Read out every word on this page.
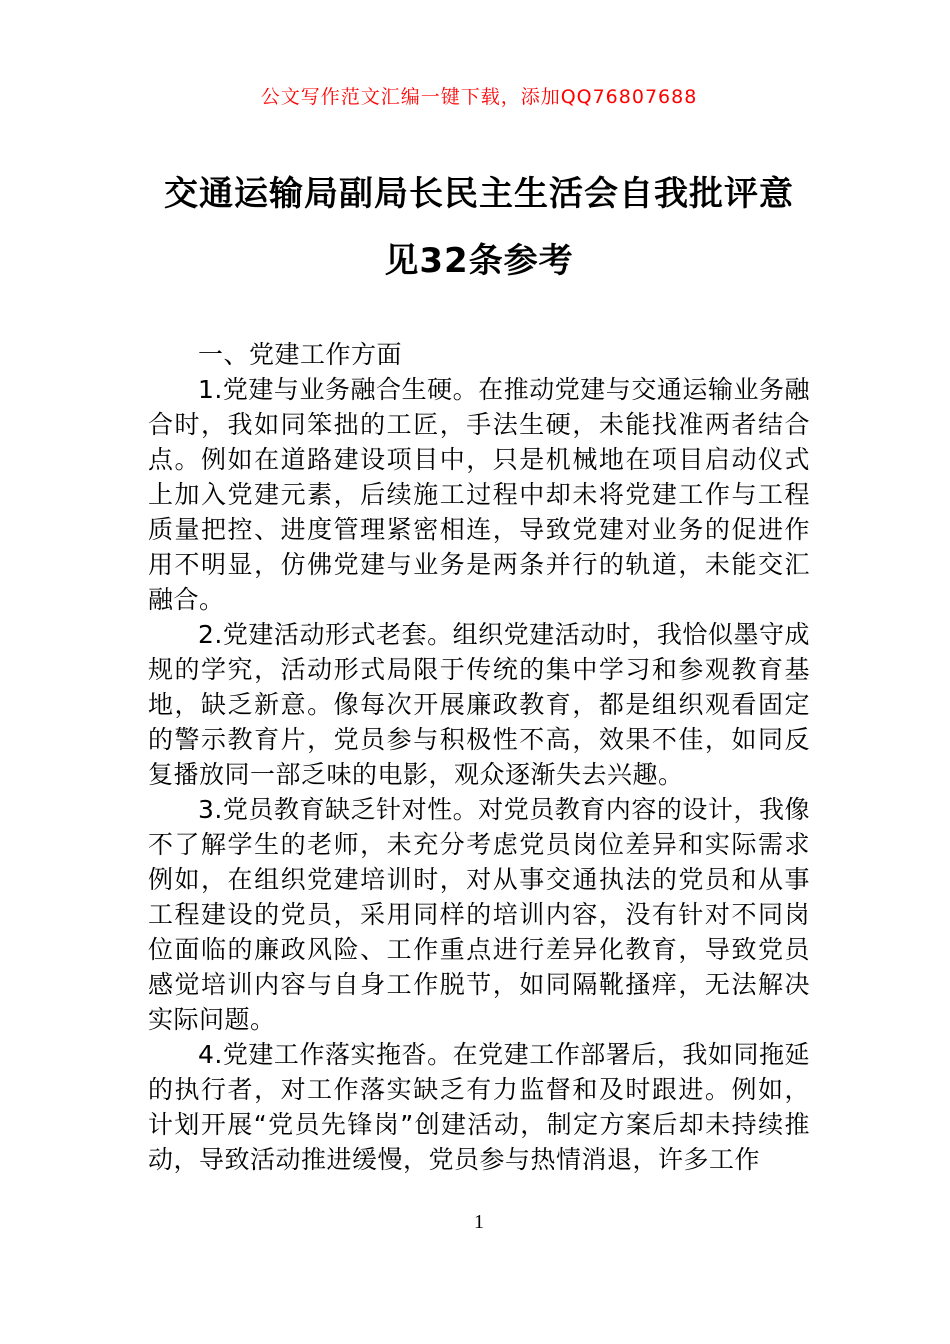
公文写作范文汇编一键下载，添加QQ76807688
交通运输局副局长民主生活会自我批评意
见32条参考

一、党建工作方面

1.党建与业务融合生硬。在推动党建与交通运输业务融合时，我如同笨拙的工匠，手法生硬，未能找准两者结合点。例如在道路建设项目中，只是机械地在项目启动仪式上加入党建元素，后续施工过程中却未将党建工作与工程质量把控、进度管理紧密相连，导致党建对业务的促进作用不明显，仿佛党建与业务是两条并行的轨道，未能交汇融合。

2.党建活动形式老套。组织党建活动时，我恰似墨守成规的学究，活动形式局限于传统的集中学习和参观教育基地，缺乏新意。像每次开展廉政教育，都是组织观看固定的警示教育片，党员参与积极性不高，效果不佳，如同反复播放同一部乏味的电影，观众逐渐失去兴趣。

3.党员教育缺乏针对性。对党员教育内容的设计，我像不了解学生的老师，未充分考虑党员岗位差异和实际需求例如，在组织党建培训时，对从事交通执法的党员和从事工程建设的党员，采用同样的培训内容，没有针对不同岗位面临的廉政风险、工作重点进行差异化教育，导致党员感觉培训内容与自身工作脱节，如同隔靴搔痒，无法解决实际问题。

4.党建工作落实拖沓。在党建工作部署后，我如同拖延的执行者，对工作落实缺乏有力监督和及时跟进。例如，计划开展“党员先锋岗”创建活动，制定方案后却未持续推动，导致活动推进缓慢，党员参与热情消退，许多工作

1
